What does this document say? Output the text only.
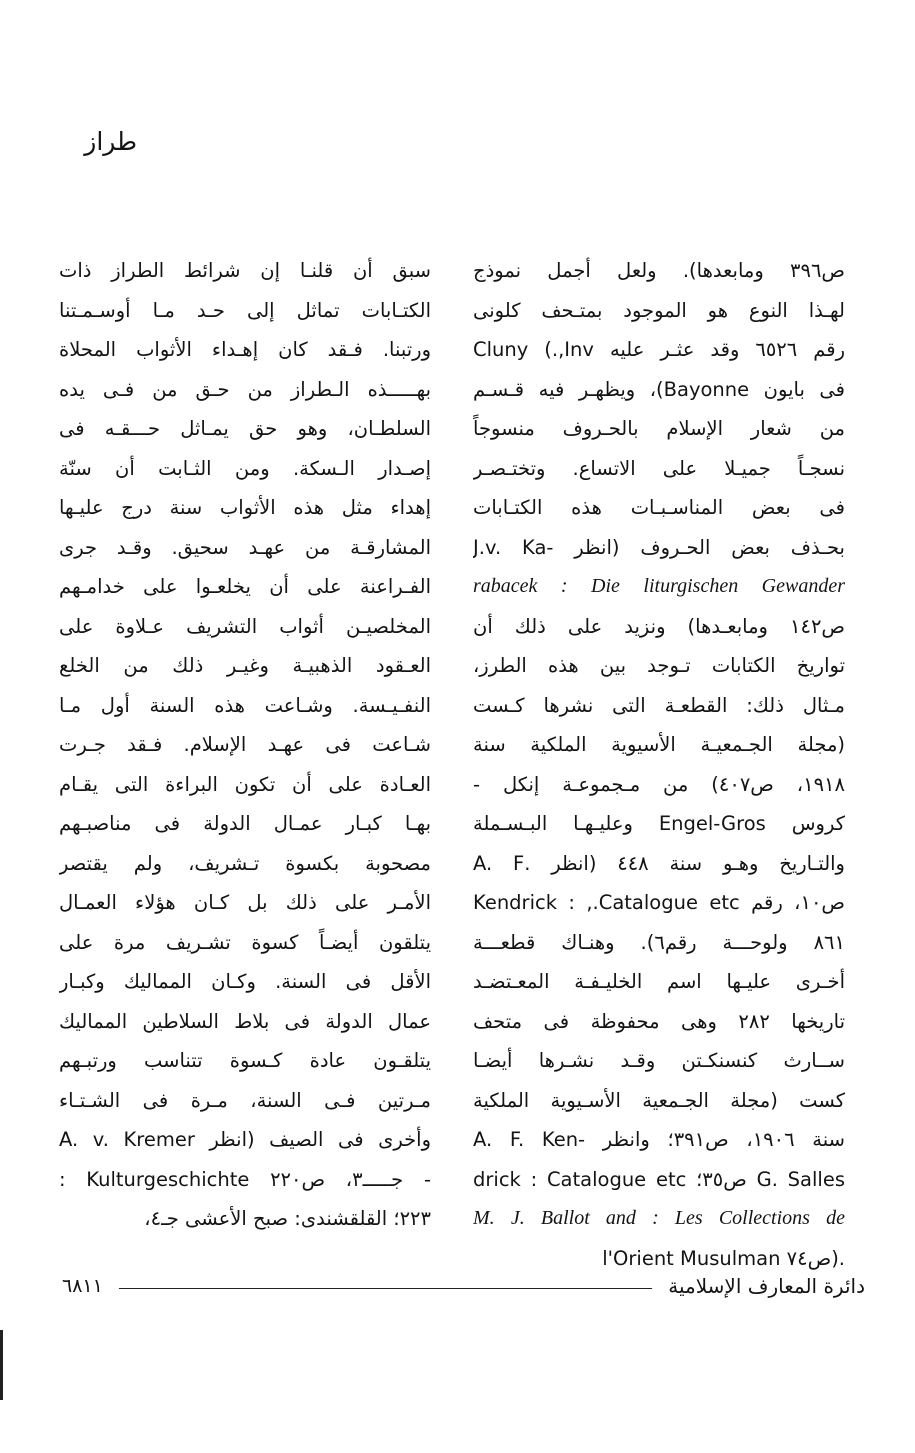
طراز
ص٣٩٦ ومابعدها). ولعل أجمل نموذج
لهـذا النوع هو الموجود بمتـحف كلونى
Cluny (.,Inv رقم ٦٥٢٦ وقد عثـر عليه
فى بايون Bayonne)، ويظهـر فيه قـسـم
من شعار الإسلام بالحـروف منسوجاً
نسجـاً جميـلا على الاتساع. وتختـصـر
فى بعض المناسـبـات هذه الكتـابات
بحـذف بعض الحـروف (انظر -J.v. Ka
rabacek : Die liturgischen Gewander
ص١٤٢ ومابعـدها) ونزيد على ذلك أن
تواريخ الكتابات تـوجد بين هذه الطرز،
مـثال ذلك: القطعـة التى نشرها كـست
(مجلة الجـمعيـة الأسيوية الملكية سنة
١٩١٨، ص٤٠٧) من مـجموعـة إنكل -
كروس Engel-Gros وعليـهـا البـسـملة
والتـاريخ وهـو سنة ٤٤٨ (انظر .A. F
Kendrick : ,.Catalogue etc ص١٠، رقم
٨٦١ ولوحـــة رقم٦). وهنـاك قطعـــة
أخـرى عليـها اسم الخليـفـة المعـتضـد
تاريخها ٢٨٢ وهى محفوظة فى متحف
ســارث كنسنكـتن وقـد نشـرها أيضـا
كست (مجلة الجـمعية الأسـيوية الملكية
سنة ١٩٠٦، ص٣٩١؛ وانظر -A. F. Ken
drick : Catalogue etc ص٣٥؛ G. Salles
M. J. Ballot and : Les Collections de
l'Orient Musulman ص٧٤).
سبق أن قلنـا إن شرائط الطراز ذات
الكتـابات تماثل إلى حـد مـا أوسـمـتنا
ورتبنا. فـقد كان إهـداء الأثواب المحلاة
بهـــــذه الـطراز من حـق من فـى يده
السلطـان، وهو حق يمـاثل حـــقـه فى
إصـدار الـسكة. ومن الثـابت أن سنّة
إهداء مثل هذه الأثواب سنة درج عليـها
المشارقـة من عهـد سحيق. وقـد جرى
الفـراعنة على أن يخلعـوا على خدامـهم
المخلصيـن أثواب التشريف عـلاوة على
العـقود الذهبيـة وغيـر ذلك من الخلع
النفـيـسة. وشـاعت هذه السنة أول مـا
شـاعت فى عهـد الإسلام. فـقد جـرت
العـادة على أن تكون البراءة التى يقـام
بهـا كبـار عمـال الدولة فى مناصبـهم
مصحوبة بكسوة تـشريف، ولم يقتصر
الأمـر على ذلك بل كـان هؤلاء العمـال
يتلقون أيضـاً كسوة تشـريف مرة على
الأقل فى السنة. وكـان المماليك وكبـار
عمال الدولة فى بلاط السلاطين المماليك
يتلقـون عادة كـسوة تتناسب ورتبـهم
مـرتين فـى السنة، مـرة فى الشـتـاء
وأخرى فى الصيف (انظر A. v. Kremer
: Kulturgeschichte جـــــ٣، ص٢٢٠ -
٢٢٣؛ القلقشندى: صبح الأعشى جـ٤،
دائرة المعارف الإسلامية
٦٨١١
